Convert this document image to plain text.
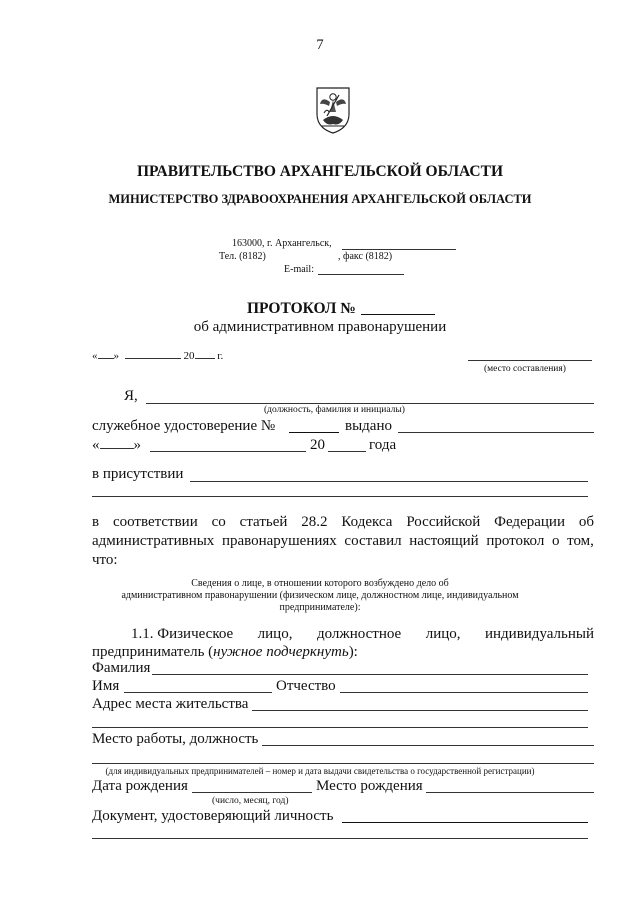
7
ПРАВИТЕЛЬСТВО АРХАНГЕЛЬСКОЙ ОБЛАСТИ
МИНИСТЕРСТВО ЗДРАВООХРАНЕНИЯ АРХАНГЕЛЬСКОЙ ОБЛАСТИ
163000, г. Архангельск,
Тел. (8182)	, факс (8182)
E-mail:
ПРОТОКОЛ №
об административном правонарушении
« »	20 г.
(место составления)
Я,
(должность, фамилия и инициалы)
служебное удостоверение №	выдано
« »	20	года
в присутствии
в соответствии со статьей 28.2 Кодекса Российской Федерации об
административных правонарушениях составил настоящий протокол о том,
что:
Сведения о лице, в отношении которого возбуждено дело об
административном правонарушении (физическом лице, должностном лице, индивидуальном
предпринимателе):
1.1. Физическое лицо, должностное лицо, индивидуальный
предприниматель (нужное подчеркнуть):
Фамилия
Имя	Отчество
Адрес места жительства
Место работы, должность
(для индивидуальных предпринимателей – номер и дата выдачи свидетельства о государственной регистрации)
Дата рождения	Место рождения
(число, месяц, год)
Документ, удостоверяющий личность
